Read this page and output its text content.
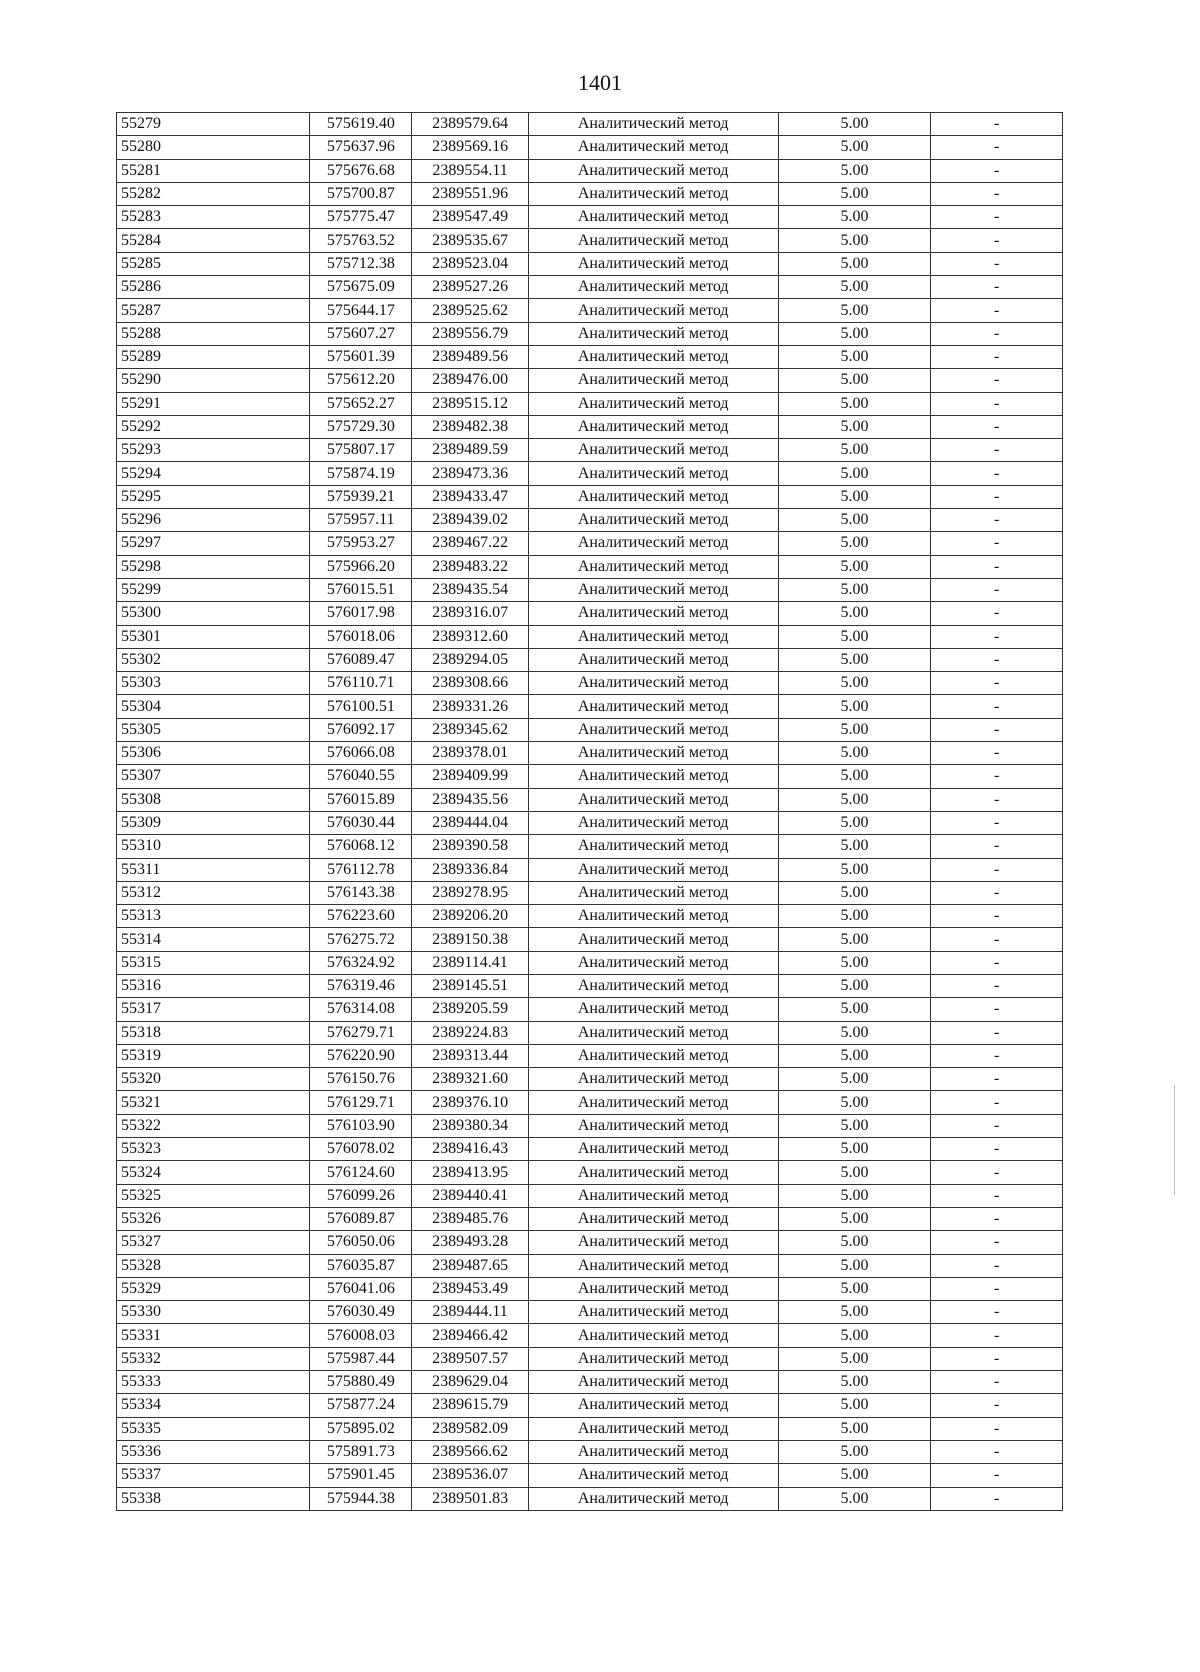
1401
55279	575619.40	2389579.64	Аналитический метод	5.00	-
55280	575637.96	2389569.16	Аналитический метод	5.00	-
55281	575676.68	2389554.11	Аналитический метод	5.00	-
55282	575700.87	2389551.96	Аналитический метод	5.00	-
55283	575775.47	2389547.49	Аналитический метод	5.00	-
55284	575763.52	2389535.67	Аналитический метод	5.00	-
55285	575712.38	2389523.04	Аналитический метод	5.00	-
55286	575675.09	2389527.26	Аналитический метод	5.00	-
55287	575644.17	2389525.62	Аналитический метод	5.00	-
55288	575607.27	2389556.79	Аналитический метод	5.00	-
55289	575601.39	2389489.56	Аналитический метод	5.00	-
55290	575612.20	2389476.00	Аналитический метод	5.00	-
55291	575652.27	2389515.12	Аналитический метод	5.00	-
55292	575729.30	2389482.38	Аналитический метод	5.00	-
55293	575807.17	2389489.59	Аналитический метод	5.00	-
55294	575874.19	2389473.36	Аналитический метод	5.00	-
55295	575939.21	2389433.47	Аналитический метод	5.00	-
55296	575957.11	2389439.02	Аналитический метод	5.00	-
55297	575953.27	2389467.22	Аналитический метод	5.00	-
55298	575966.20	2389483.22	Аналитический метод	5.00	-
55299	576015.51	2389435.54	Аналитический метод	5.00	-
55300	576017.98	2389316.07	Аналитический метод	5.00	-
55301	576018.06	2389312.60	Аналитический метод	5.00	-
55302	576089.47	2389294.05	Аналитический метод	5.00	-
55303	576110.71	2389308.66	Аналитический метод	5.00	-
55304	576100.51	2389331.26	Аналитический метод	5.00	-
55305	576092.17	2389345.62	Аналитический метод	5.00	-
55306	576066.08	2389378.01	Аналитический метод	5.00	-
55307	576040.55	2389409.99	Аналитический метод	5.00	-
55308	576015.89	2389435.56	Аналитический метод	5.00	-
55309	576030.44	2389444.04	Аналитический метод	5.00	-
55310	576068.12	2389390.58	Аналитический метод	5.00	-
55311	576112.78	2389336.84	Аналитический метод	5.00	-
55312	576143.38	2389278.95	Аналитический метод	5.00	-
55313	576223.60	2389206.20	Аналитический метод	5.00	-
55314	576275.72	2389150.38	Аналитический метод	5.00	-
55315	576324.92	2389114.41	Аналитический метод	5.00	-
55316	576319.46	2389145.51	Аналитический метод	5.00	-
55317	576314.08	2389205.59	Аналитический метод	5.00	-
55318	576279.71	2389224.83	Аналитический метод	5.00	-
55319	576220.90	2389313.44	Аналитический метод	5.00	-
55320	576150.76	2389321.60	Аналитический метод	5.00	-
55321	576129.71	2389376.10	Аналитический метод	5.00	-
55322	576103.90	2389380.34	Аналитический метод	5.00	-
55323	576078.02	2389416.43	Аналитический метод	5.00	-
55324	576124.60	2389413.95	Аналитический метод	5.00	-
55325	576099.26	2389440.41	Аналитический метод	5.00	-
55326	576089.87	2389485.76	Аналитический метод	5.00	-
55327	576050.06	2389493.28	Аналитический метод	5.00	-
55328	576035.87	2389487.65	Аналитический метод	5.00	-
55329	576041.06	2389453.49	Аналитический метод	5.00	-
55330	576030.49	2389444.11	Аналитический метод	5.00	-
55331	576008.03	2389466.42	Аналитический метод	5.00	-
55332	575987.44	2389507.57	Аналитический метод	5.00	-
55333	575880.49	2389629.04	Аналитический метод	5.00	-
55334	575877.24	2389615.79	Аналитический метод	5.00	-
55335	575895.02	2389582.09	Аналитический метод	5.00	-
55336	575891.73	2389566.62	Аналитический метод	5.00	-
55337	575901.45	2389536.07	Аналитический метод	5.00	-
55338	575944.38	2389501.83	Аналитический метод	5.00	-
